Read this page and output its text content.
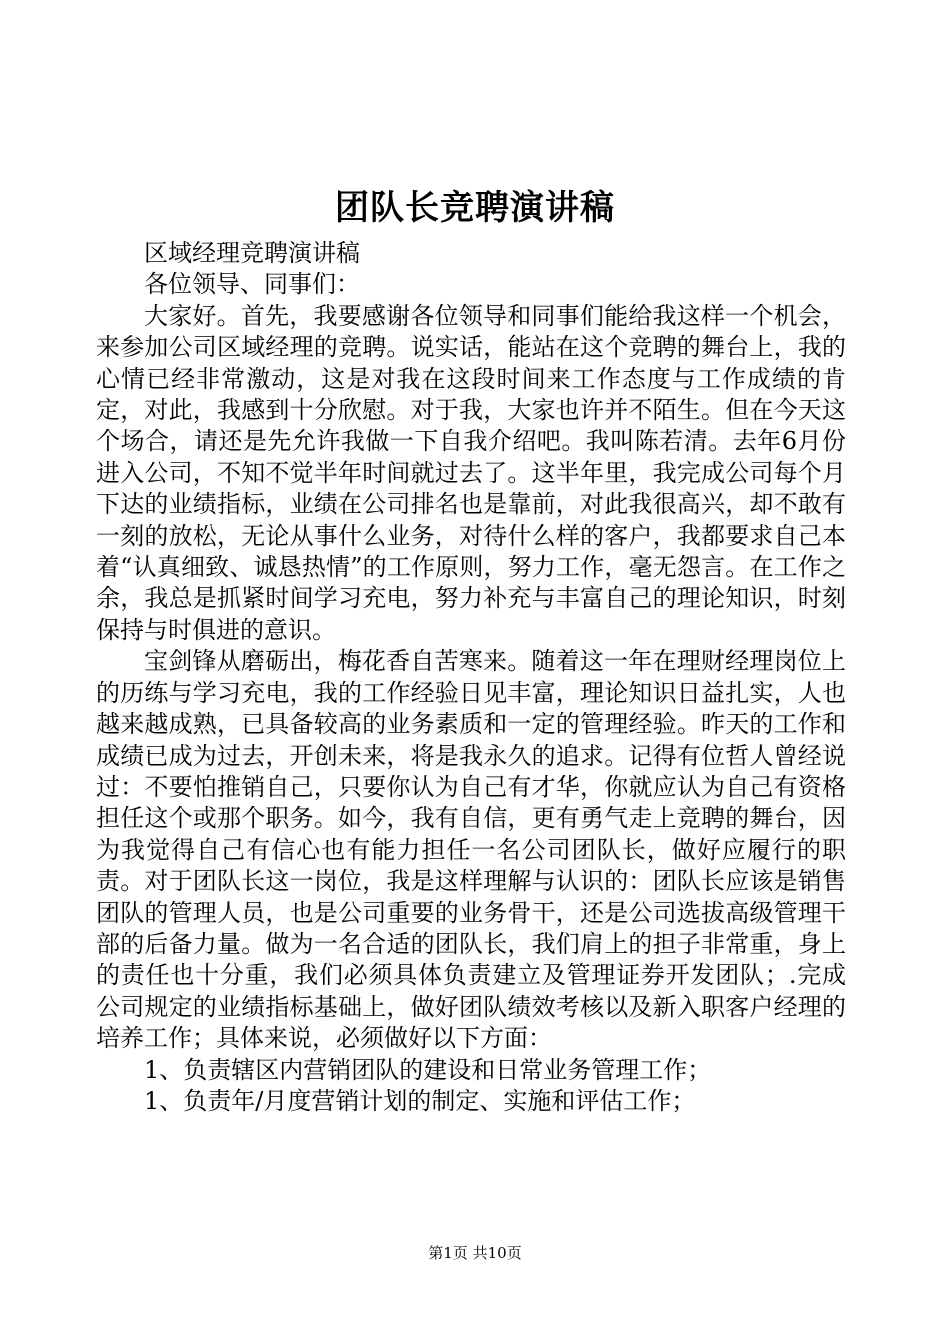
团队长竞聘演讲稿

区域经理竞聘演讲稿

各位领导、同事们：

大家好。首先，我要感谢各位领导和同事们能给我这样一个机会，来参加公司区域经理的竞聘。说实话，能站在这个竞聘的舞台上，我的心情已经非常激动，这是对我在这段时间来工作态度与工作成绩的肯定，对此，我感到十分欣慰。对于我，大家也许并不陌生。但在今天这个场合，请还是先允许我做一下自我介绍吧。我叫陈若清。去年6月份进入公司，不知不觉半年时间就过去了。这半年里，我完成公司每个月下达的业绩指标，业绩在公司排名也是靠前，对此我很高兴，却不敢有一刻的放松，无论从事什么业务，对待什么样的客户，我都要求自己本着“认真细致、诚恳热情”的工作原则，努力工作，毫无怨言。在工作之余，我总是抓紧时间学习充电，努力补充与丰富自己的理论知识，时刻保持与时俱进的意识。

宝剑锋从磨砺出，梅花香自苦寒来。随着这一年在理财经理岗位上的历练与学习充电，我的工作经验日见丰富，理论知识日益扎实，人也越来越成熟，已具备较高的业务素质和一定的管理经验。昨天的工作和成绩已成为过去，开创未来，将是我永久的追求。记得有位哲人曾经说过：不要怕推销自己，只要你认为自己有才华，你就应认为自己有资格担任这个或那个职务。如今，我有自信，更有勇气走上竞聘的舞台，因为我觉得自己有信心也有能力担任一名公司团队长，做好应履行的职责。对于团队长这一岗位，我是这样理解与认识的：团队长应该是销售团队的管理人员，也是公司重要的业务骨干，还是公司选拔高级管理干部的后备力量。做为一名合适的团队长，我们肩上的担子非常重，身上的责任也十分重，我们必须具体负责建立及管理证券开发团队；.完成公司规定的业绩指标基础上，做好团队绩效考核以及新入职客户经理的培养工作；具体来说，必须做好以下方面：

1、负责辖区内营销团队的建设和日常业务管理工作；

1、负责年/月度营销计划的制定、实施和评估工作；

第1页 共10页
